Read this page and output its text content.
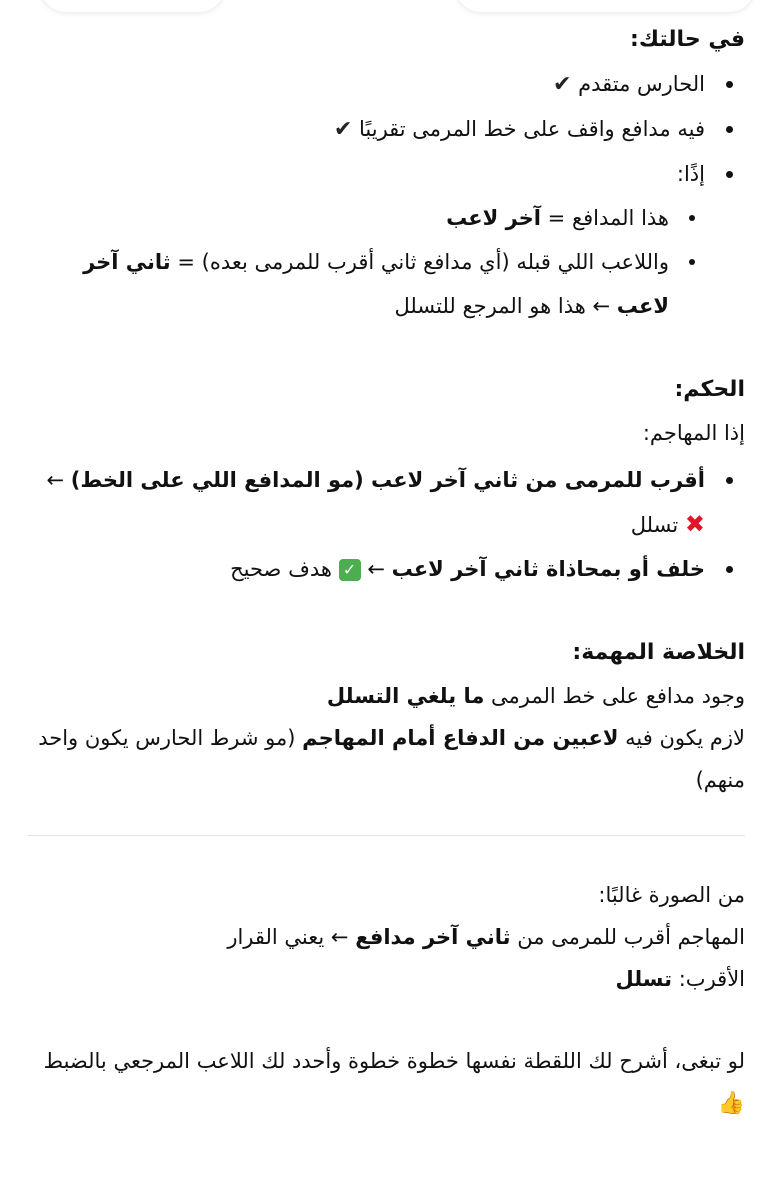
في حالتك:

الحارس متقدم ✔
فيه مدافع واقف على خط المرمى تقريبًا ✔
إذًا:
هذا المدافع = آخر لاعب
واللاعب اللي قبله (أي مدافع ثاني أقرب للمرمى بعده) = ثاني آخر لاعب ← هذا هو المرجع للتسلل

الحكم:

إذا المهاجم:

أقرب للمرمى من ثاني آخر لاعب (مو المدافع اللي على الخط) ← ✖ تسلل
خلف أو بمحاذاة ثاني آخر لاعب ← ✓ هدف صحيح

الخلاصة المهمة:

وجود مدافع على خط المرمى ما يلغي التسلل

لازم يكون فيه لاعبين من الدفاع أمام المهاجم (مو شرط الحارس يكون واحد منهم)

من الصورة غالبًا:

المهاجم أقرب للمرمى من ثاني آخر مدافع ← يعني القرار

الأقرب: تسلل

لو تبغى، أشرح لك اللقطة نفسها خطوة خطوة وأحدد لك اللاعب المرجعي بالضبط 👍
